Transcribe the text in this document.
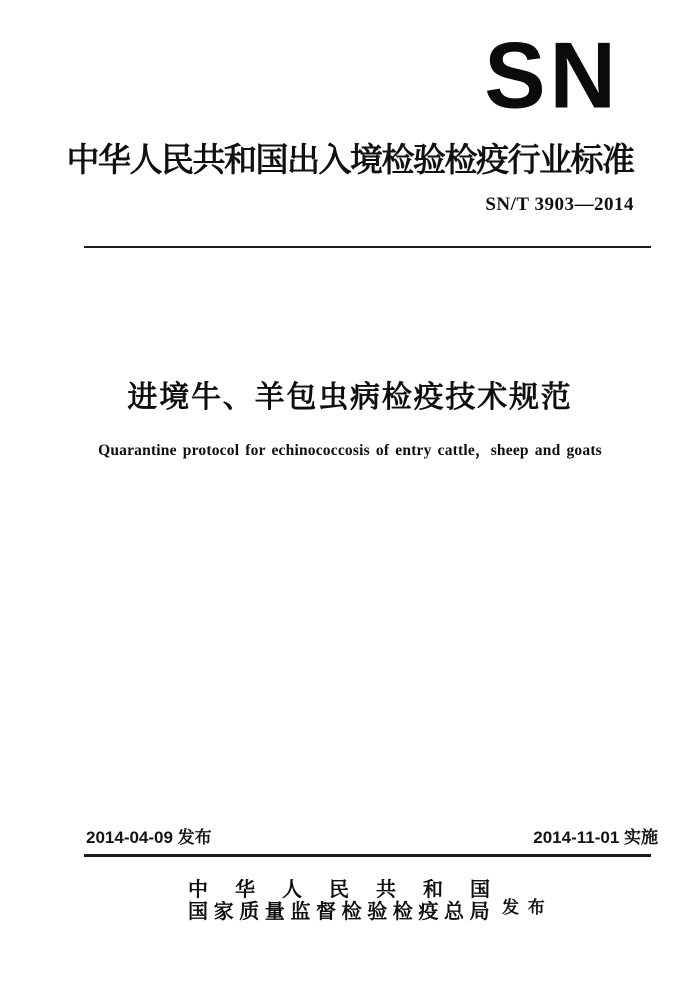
SN
中华人民共和国出入境检验检疫行业标准
SN/T 3903—2014
进境牛、羊包虫病检疫技术规范
Quarantine protocol for echinococcosis of entry cattle，sheep and goats
2014-04-09 发布	2014-11-01 实施
中华人民共和国
国家质量监督检验检疫总局 发 布
